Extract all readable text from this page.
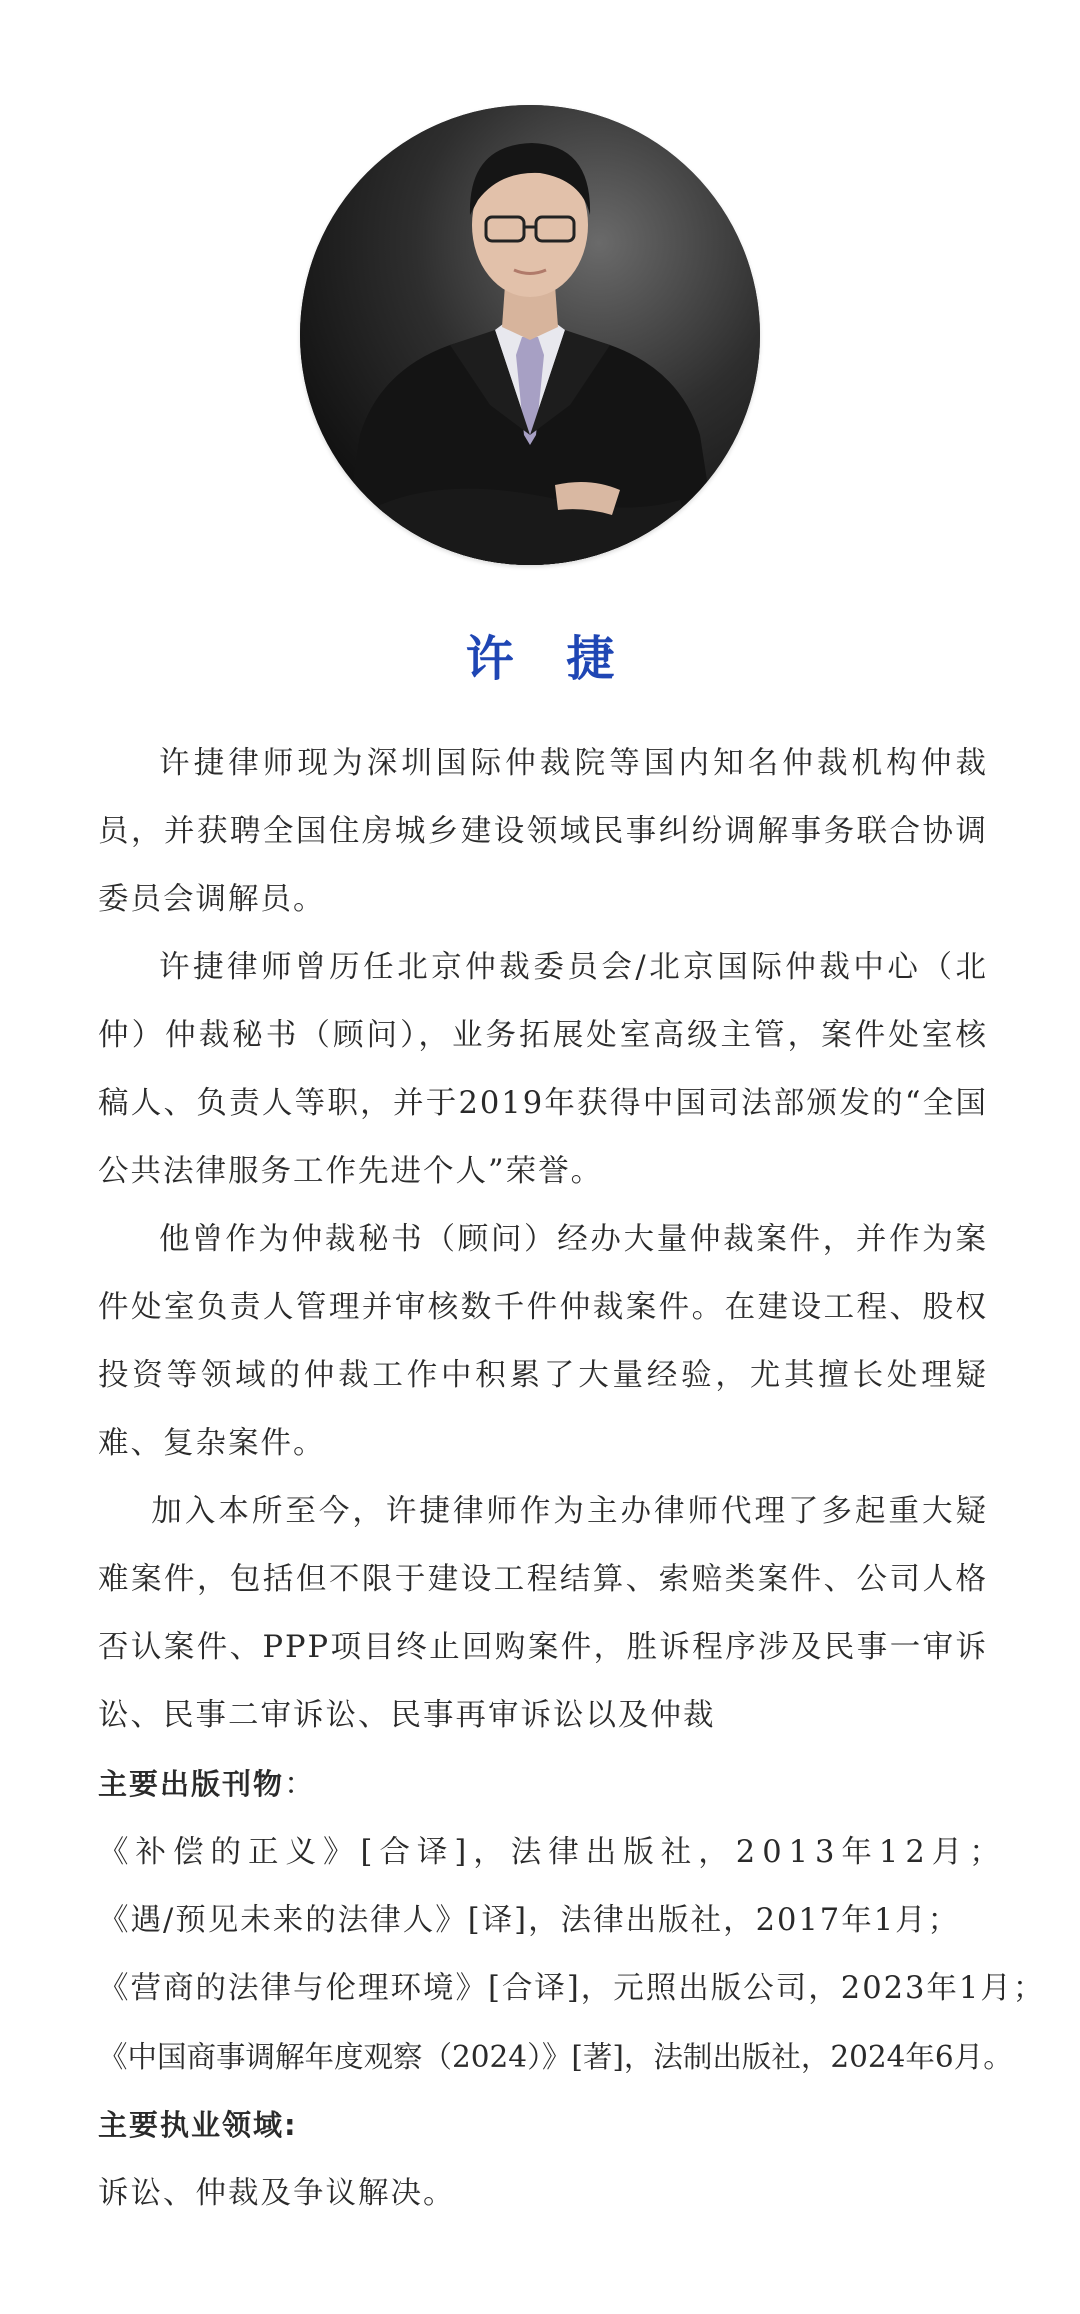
许 捷

许捷律师现为深圳国际仲裁院等国内知名仲裁机构仲裁员，并获聘全国住房城乡建设领域民事纠纷调解事务联合协调委员会调解员。

许捷律师曾历任北京仲裁委员会/北京国际仲裁中心（北仲）仲裁秘书（顾问），业务拓展处室高级主管，案件处室核稿人、负责人等职，并于2019年获得中国司法部颁发的“全国公共法律服务工作先进个人”荣誉。

他曾作为仲裁秘书（顾问）经办大量仲裁案件，并作为案件处室负责人管理并审核数千件仲裁案件。在建设工程、股权投资等领域的仲裁工作中积累了大量经验，尤其擅长处理疑难、复杂案件。

加入本所至今，许捷律师作为主办律师代理了多起重大疑难案件，包括但不限于建设工程结算、索赔类案件、公司人格否认案件、PPP项目终止回购案件，胜诉程序涉及民事一审诉讼、民事二审诉讼、民事再审诉讼以及仲裁

主要出版刊物：

《补偿的正义》[合译]，法律出版社，2013年12月；
《遇/预见未来的法律人》[译]，法律出版社，2017年1月；
《营商的法律与伦理环境》[合译]，元照出版公司，2023年1月；
《中国商事调解年度观察（2024）》[著]，法制出版社，2024年6月。

主要执业领域:

诉讼、仲裁及争议解决。
